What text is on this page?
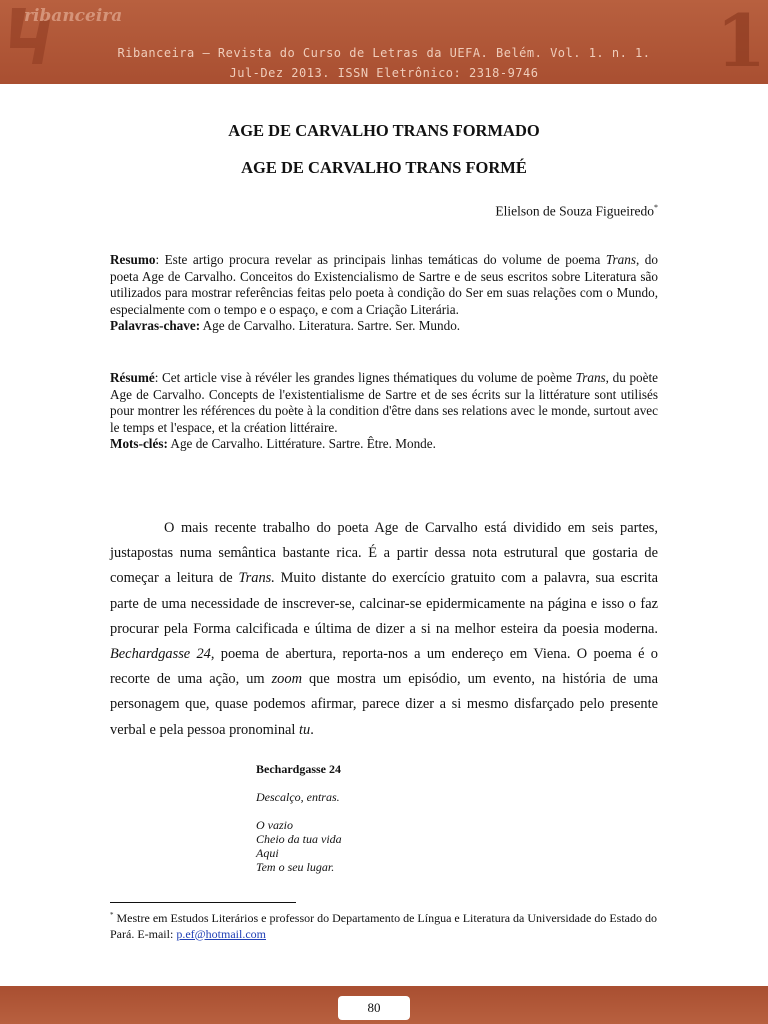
ribanceira
Ribanceira – Revista do Curso de Letras da UEFA. Belém. Vol. 1. n. 1.
Jul-Dez 2013. ISSN Eletrônico: 2318-9746	1
AGE DE CARVALHO TRANS FORMADO
AGE DE CARVALHO TRANS FORMÉ
Elielson de Souza Figueiredo*

Resumo: Este artigo procura revelar as principais linhas temáticas do volume de poema Trans, do poeta Age de Carvalho. Conceitos do Existencialismo de Sartre e de seus escritos sobre Literatura são utilizados para mostrar referências feitas pelo poeta à condição do Ser em suas relações com o Mundo, especialmente com o tempo e o espaço, e com a Criação Literária.

Palavras-chave: Age de Carvalho. Literatura. Sartre. Ser. Mundo.

Résumé: Cet article vise à révéler les grandes lignes thématiques du volume de poème Trans, du poète Age de Carvalho. Concepts de l'existentialisme de Sartre et de ses écrits sur la littérature sont utilisés pour montrer les références du poète à la condition d'être dans ses relations avec le monde, surtout avec le temps et l'espace, et la création littéraire.

Mots-clés: Age de Carvalho. Littérature. Sartre. Être. Monde.

O mais recente trabalho do poeta Age de Carvalho está dividido em seis partes, justapostas numa semântica bastante rica. É a partir dessa nota estrutural que gostaria de começar a leitura de Trans. Muito distante do exercício gratuito com a palavra, sua escrita parte de uma necessidade de inscrever-se, calcinar-se epidermicamente na página e isso o faz procurar pela Forma calcificada e última de dizer a si na melhor esteira da poesia moderna. Bechardgasse 24, poema de abertura, reporta-nos a um endereço em Viena. O poema é o recorte de uma ação, um zoom que mostra um episódio, um evento, na história de uma personagem que, quase podemos afirmar, parece dizer a si mesmo disfarçado pelo presente verbal e pela pessoa pronominal tu.

Bechardgasse 24
Descalço, entras.
O vazio
Cheio da tua vida
Aqui
Tem o seu lugar.
* Mestre em Estudos Literários e professor do Departamento de Língua e Literatura da Universidade do Estado do Pará. E-mail: p.ef@hotmail.com
80
